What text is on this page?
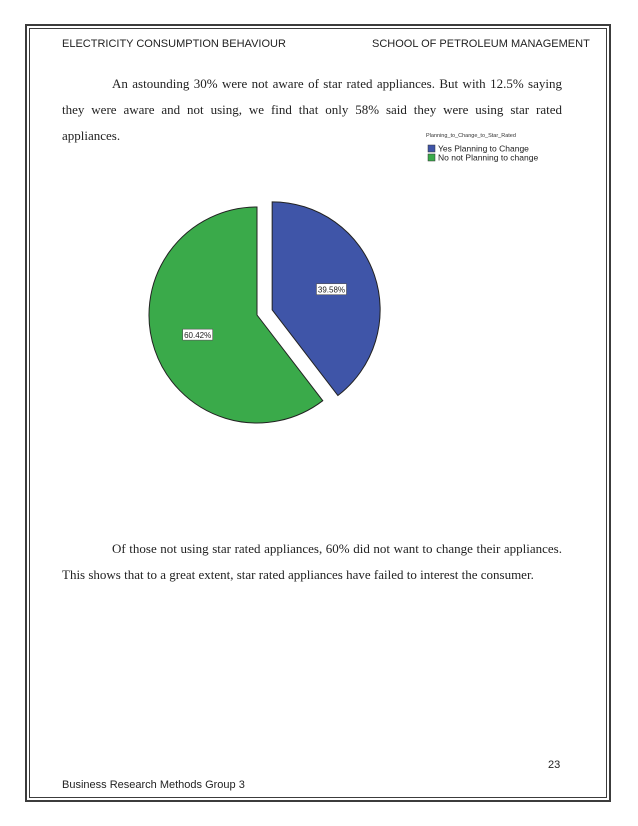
ELECTRICITY CONSUMPTION BEHAVIOUR	SCHOOL OF PETROLEUM MANAGEMENT

An astounding 30% were not aware of star rated appliances. But with 12.5% saying they were aware and not using, we find that only 58% said they were using star rated appliances.

39.58%
60.42%
Planning_to_Change_to_Star_Rated
Yes Planning to Change
No not Planning to change

Of those not using star rated appliances, 60% did not want to change their appliances. This shows that to a great extent, star rated appliances have failed to interest the consumer.

23
Business Research Methods Group 3
